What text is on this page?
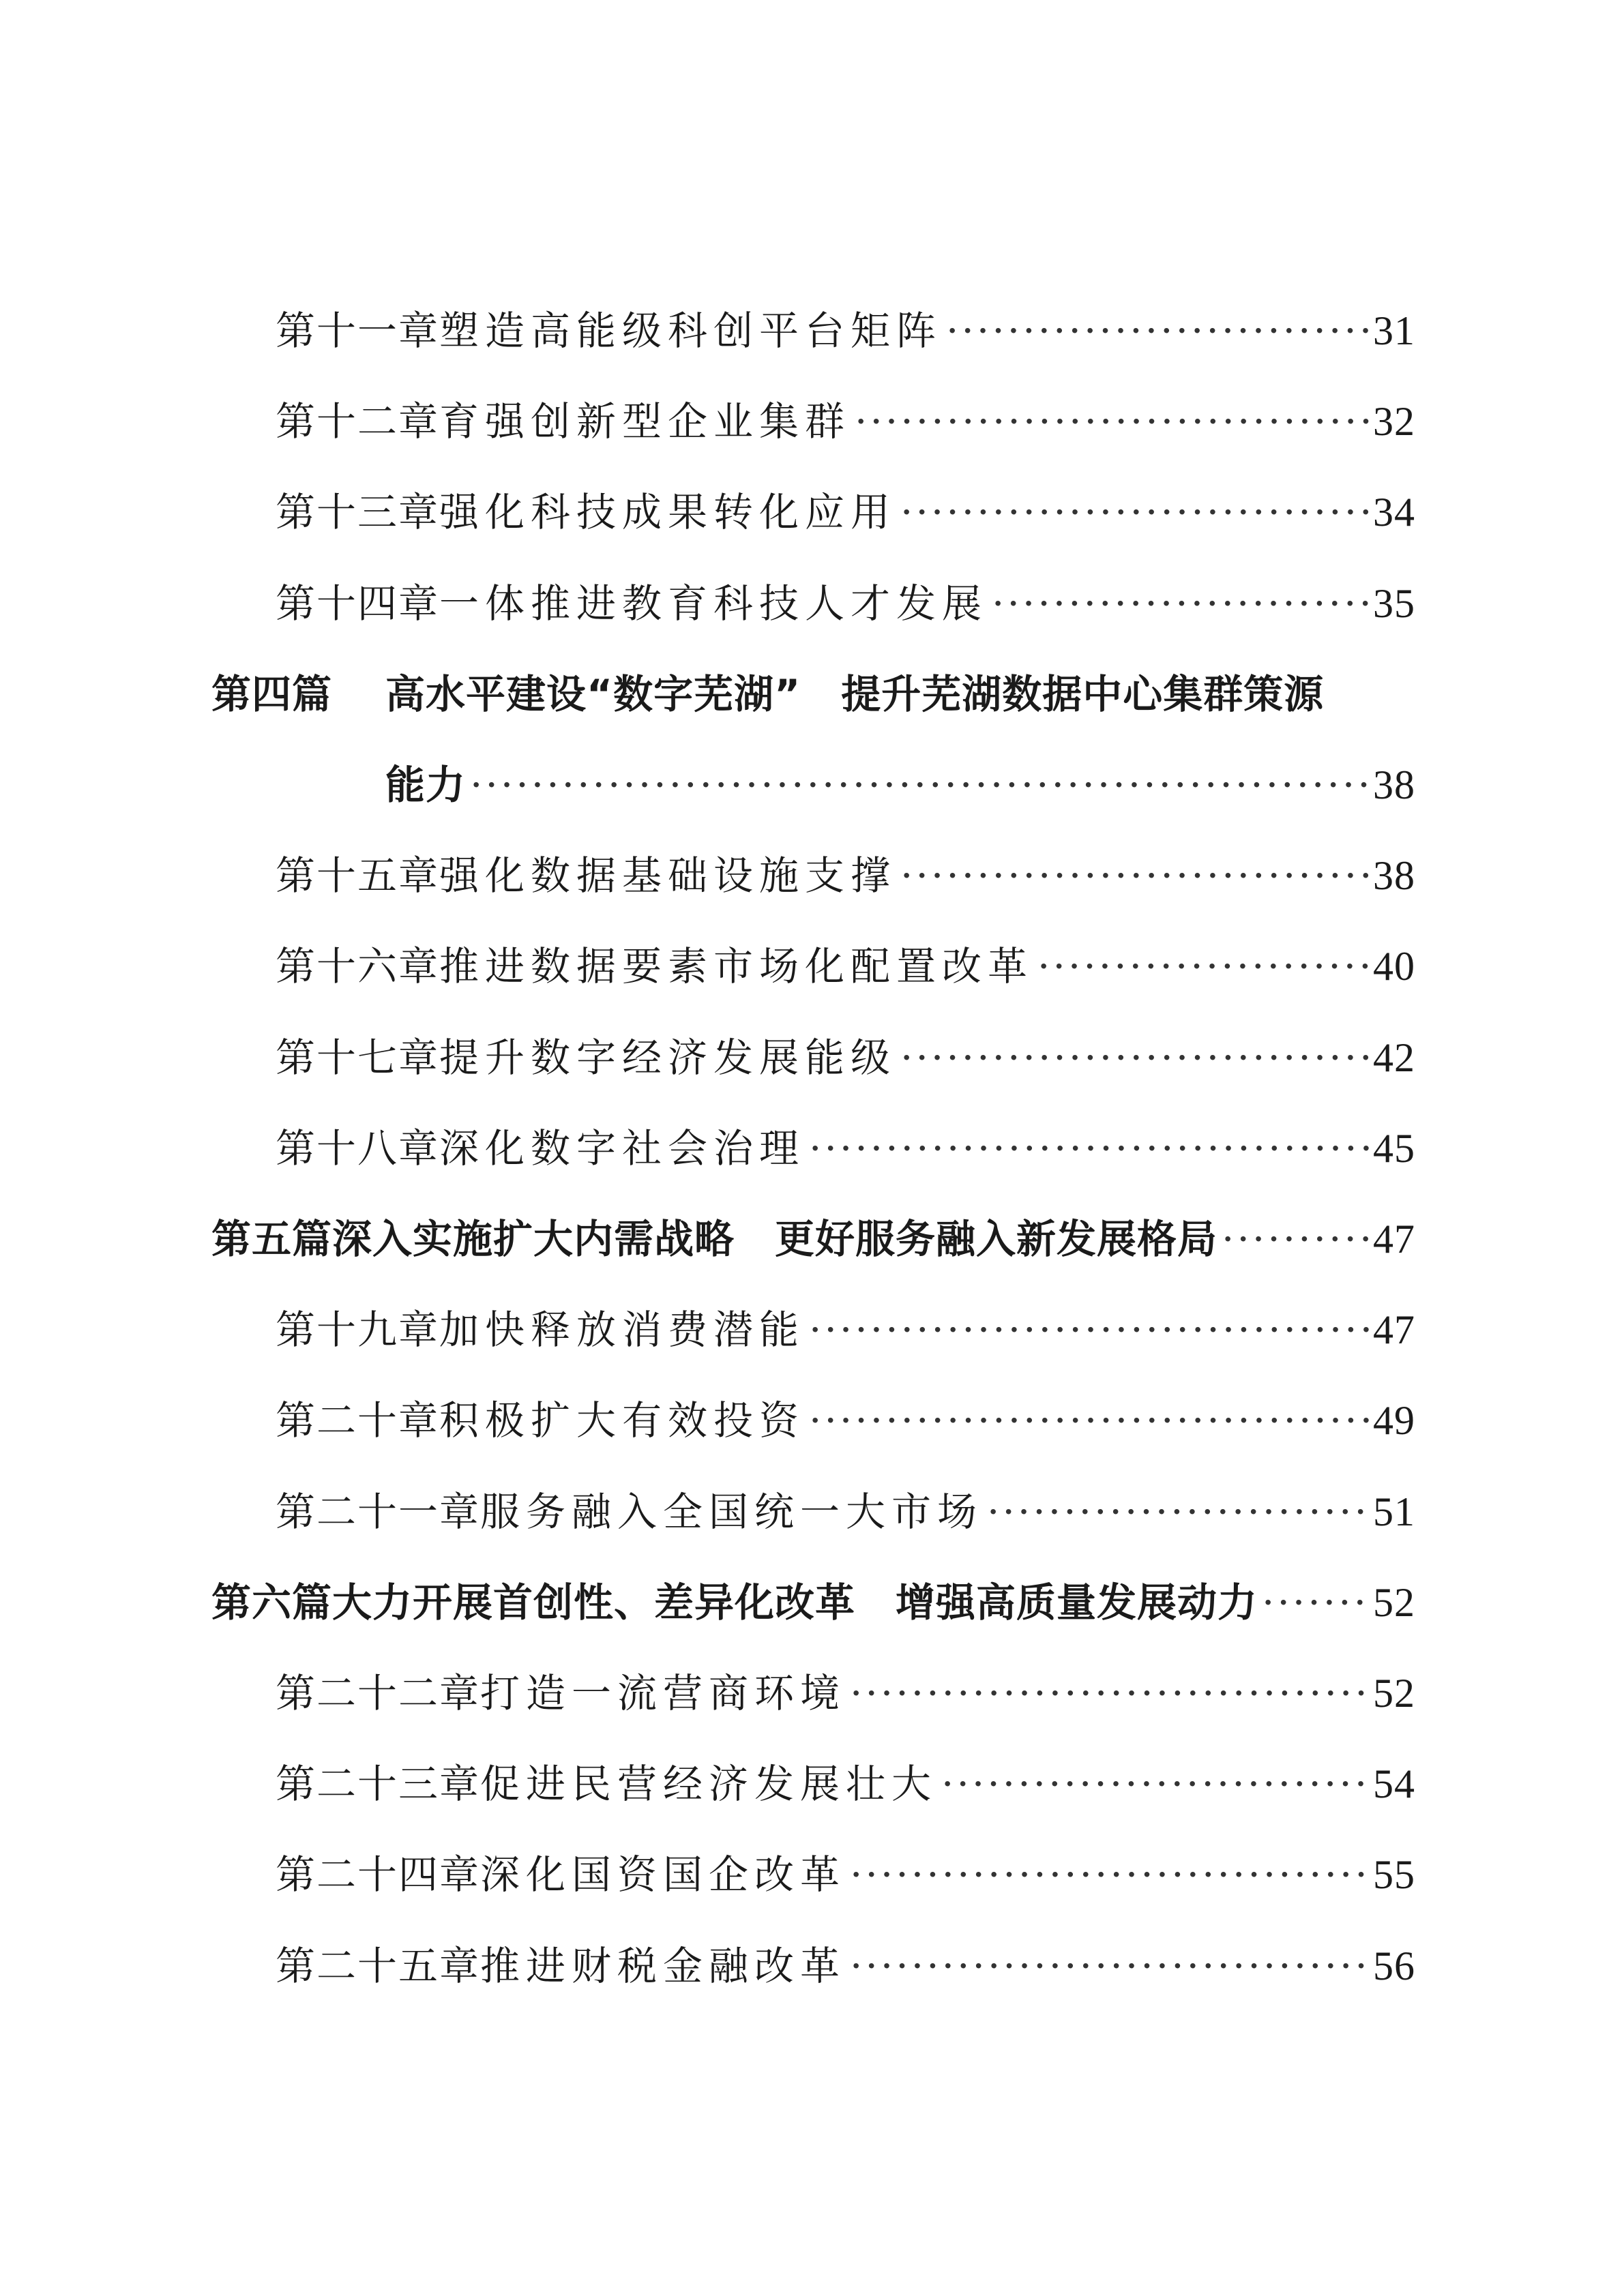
第十一章 塑造高能级科创平台矩阵 ·····	31
第十二章 育强创新型企业集群 ·····	32
第十三章 强化科技成果转化应用 ·····	34
第十四章 一体推进教育科技人才发展 ·····	35
第四篇	高水平建设“数字芜湖”　提升芜湖数据中心集群策源
能力 ·····	38
第十五章 强化数据基础设施支撑 ·····	38
第十六章 推进数据要素市场化配置改革 ·····	40
第十七章 提升数字经济发展能级 ·····	42
第十八章 深化数字社会治理 ·····	45
第五篇 深入实施扩大内需战略　更好服务融入新发展格局 ·····	47
第十九章 加快释放消费潜能 ·····	47
第二十章 积极扩大有效投资 ·····	49
第二十一章 服务融入全国统一大市场 ·····	51
第六篇 大力开展首创性、差异化改革　增强高质量发展动力 ·····	52
第二十二章 打造一流营商环境 ·····	52
第二十三章 促进民营经济发展壮大 ·····	54
第二十四章 深化国资国企改革 ·····	55
第二十五章 推进财税金融改革 ·····	56
